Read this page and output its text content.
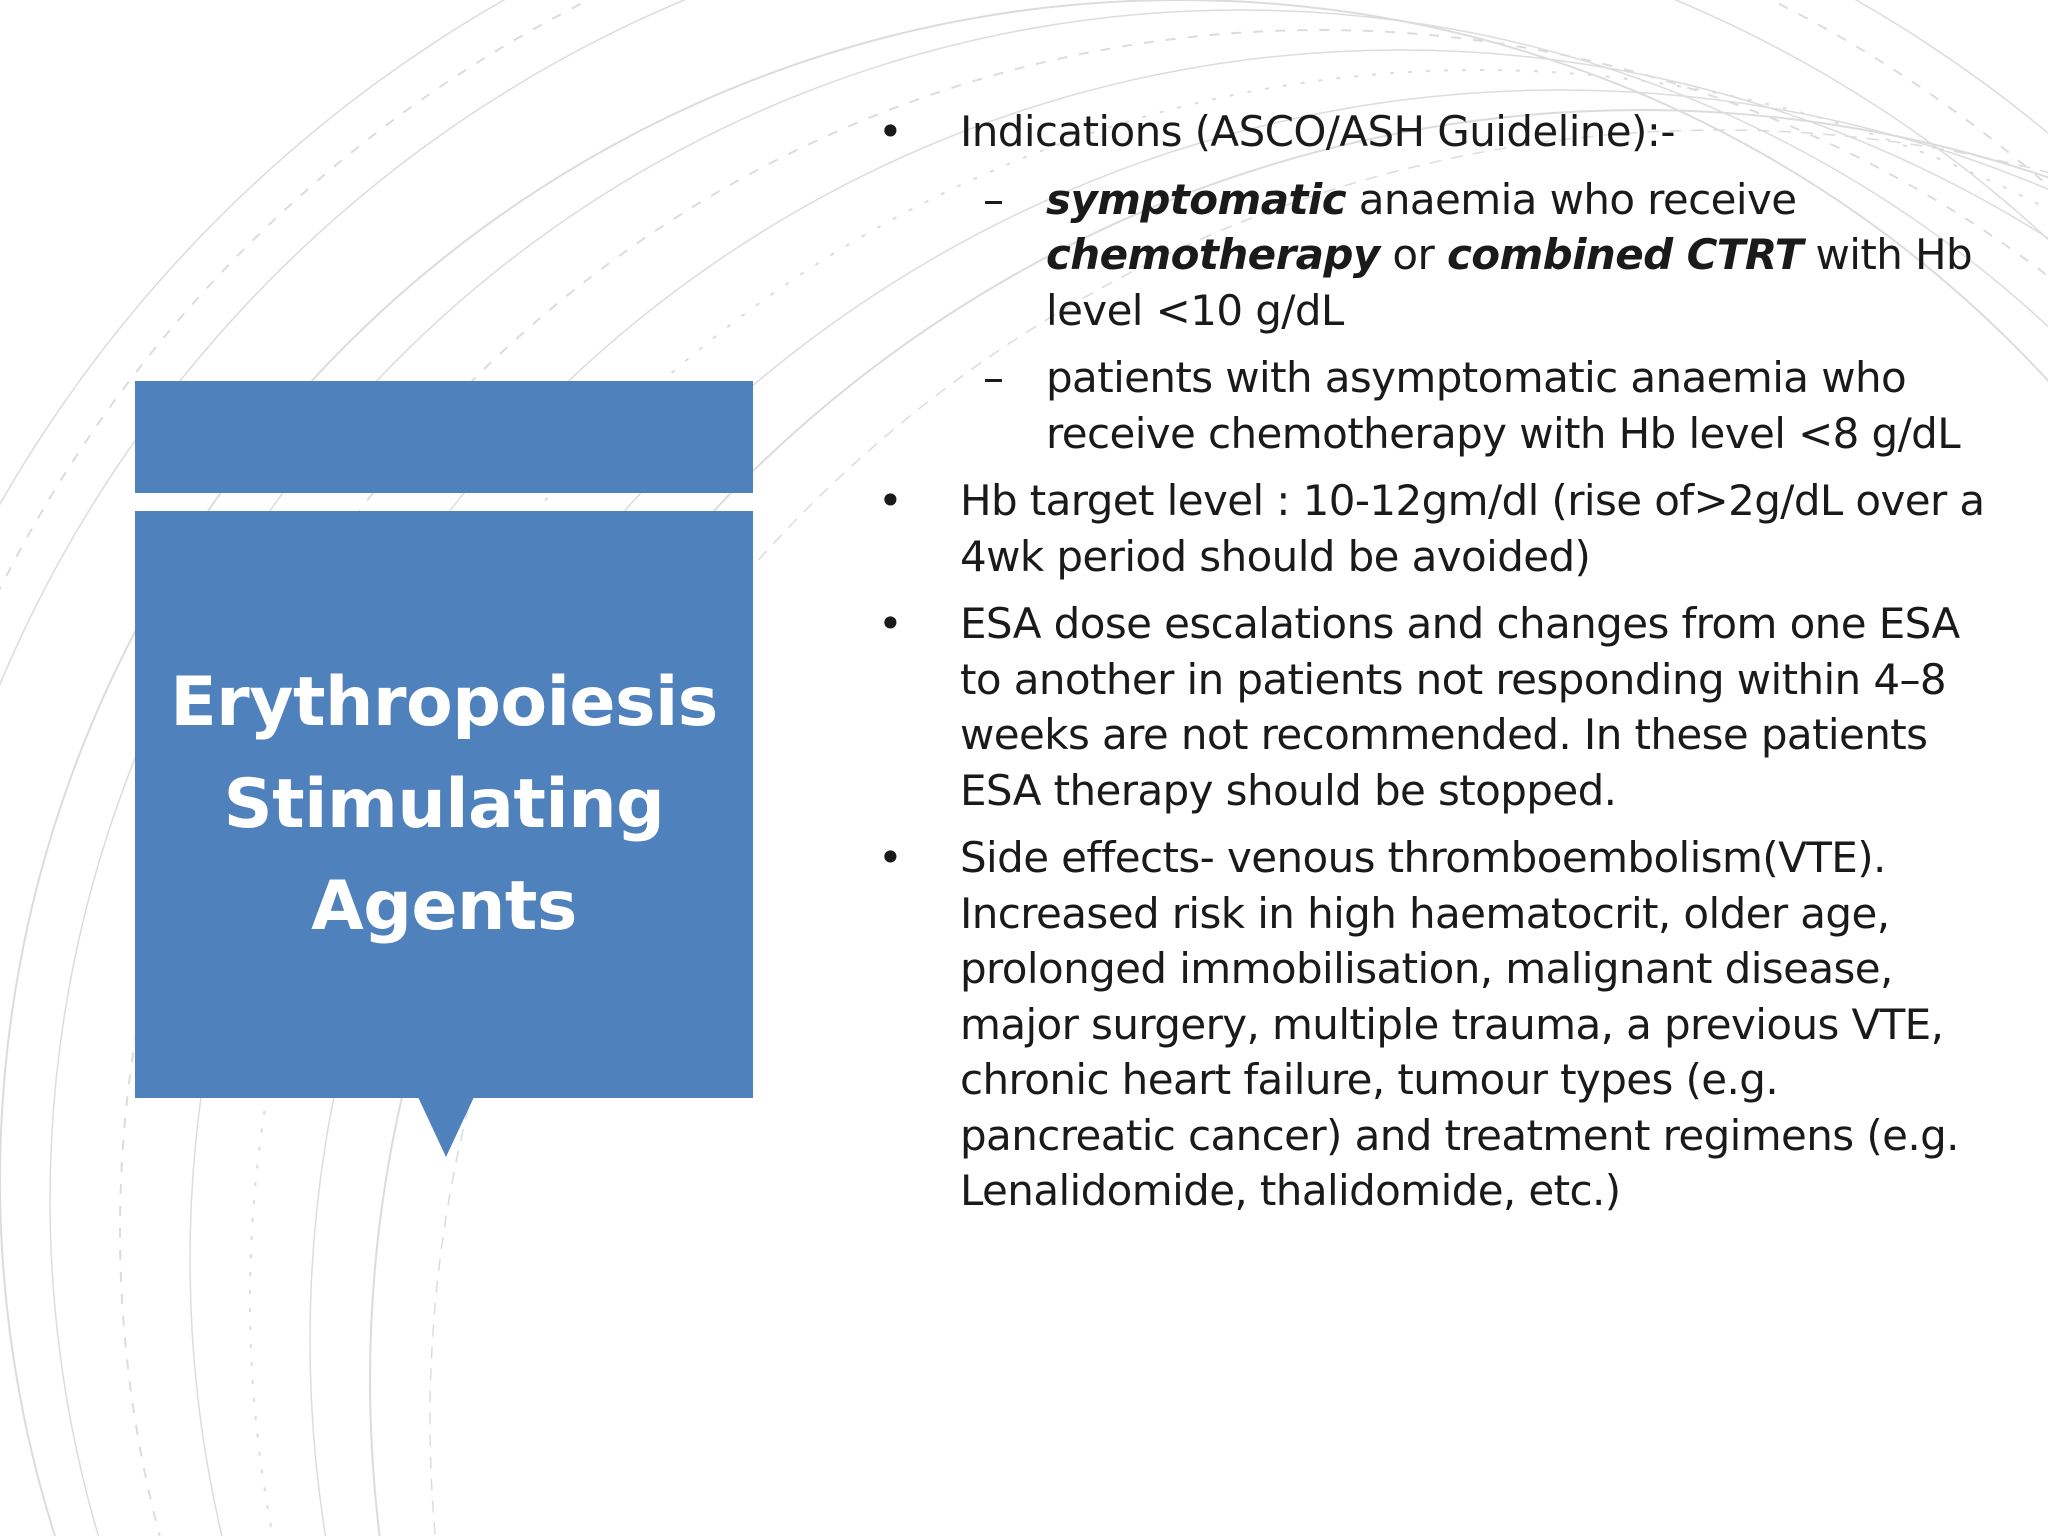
Erythropoiesis
Stimulating
Agents
• Indications (ASCO/ASH Guideline):-
– symptomatic anaemia who receive chemotherapy or combined CTRT with Hb level <10 g/dL
– patients with asymptomatic anaemia who receive chemotherapy with Hb level <8 g/dL
• Hb target level : 10-12gm/dl (rise of>2g/dL over a 4wk period should be avoided)
• ESA dose escalations and changes from one ESA to another in patients not responding within 4–8 weeks are not recommended. In these patients ESA therapy should be stopped.
• Side effects- venous thromboembolism(VTE). Increased risk in high haematocrit, older age, prolonged immobilisation, malignant disease, major surgery, multiple trauma, a previous VTE, chronic heart failure, tumour types (e.g. pancreatic cancer) and treatment regimens (e.g. Lenalidomide, thalidomide, etc.)
